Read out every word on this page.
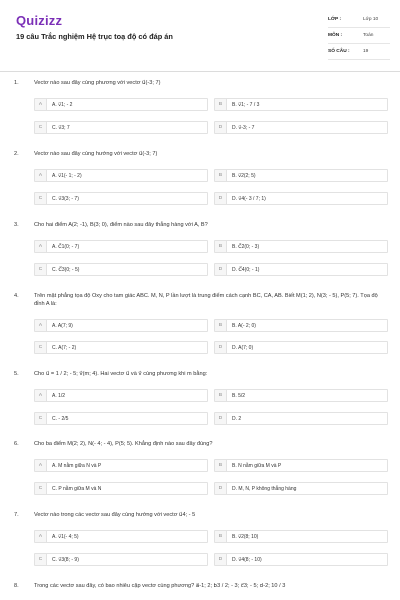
Quizizz
19 câu Trắc nghiệm Hệ trục toạ độ có đáp án
LỚP :	Lớp 10
MÔN :	Toán
SỐ CÂU :	19
1.	Vectơ nào sau đây cùng phương với vectơ u⃗(-3; 7)
A	A. v⃗1; - 2	B	B. v⃗1; - 7 / 3
C	C. v⃗3; 7	D	D. v⃗-3; - 7
2.	Vectơ nào sau đây cùng hướng với vectơ u⃗(-3; 7)
A	A. v⃗1(- 1; - 2)	B	B. v⃗2(2; 5)
C	C. v⃗3(3; - 7)	D	D. v⃗4(- 3 / 7; 1)
3.	Cho hai điểm A(2; -1), B(3; 0), điểm nào sau đây thẳng hàng với A, B?
A	A. C⃗1(0; - 7)	B	B. C⃗2(0; - 3)
C	C. C⃗3(0; - 5)	D	D. C⃗4(0; - 1)
4.	Trên mặt phẳng tọa độ Oxy cho tam giác ABC. M, N, P lần lượt là trung điểm cách cạnh BC, CA, AB. Biết M(1; 2), N(3; - 5), P(5; 7). Tọa độ đỉnh A là:
A	A. A(7; 9)	B	B. A(- 2; 0)
C	C. A(7; - 2)	D	D. A(7; 0)
5.	Cho u⃗ = 1 / 2; - 5; v⃗(m; 4). Hai vectơ u⃗ và v⃗ cùng phương khi m bằng:
A	A. 1/2	B	B. 5/2
C	C. - 2/5	D	D. 2
6.	Cho ba điểm M(2; 2), N(- 4; - 4), P(5; 5). Khẳng định nào sau đây đúng?
A	A. M nằm giữa N và P	B	B. N nằm giữa M và P
C	C. P nằm giữa M và N	D	D. M, N, P không thẳng hàng
7.	Vectơ nào trong các vectơ sau đây cùng hướng với vectơ u⃗4; - 5
A	A. v⃗1(- 4; 5)	B	B. v⃗2(8; 10)
C	C. v⃗3(8; - 9)	D	D. v⃗4(8; - 10)
8.	Trong các vectơ sau đây, có bao nhiêu cặp vectơ cùng phương? a⃗-1; 2; b⃗3 / 2; - 3; c⃗3; - 5; d⃗-2; 10 / 3
